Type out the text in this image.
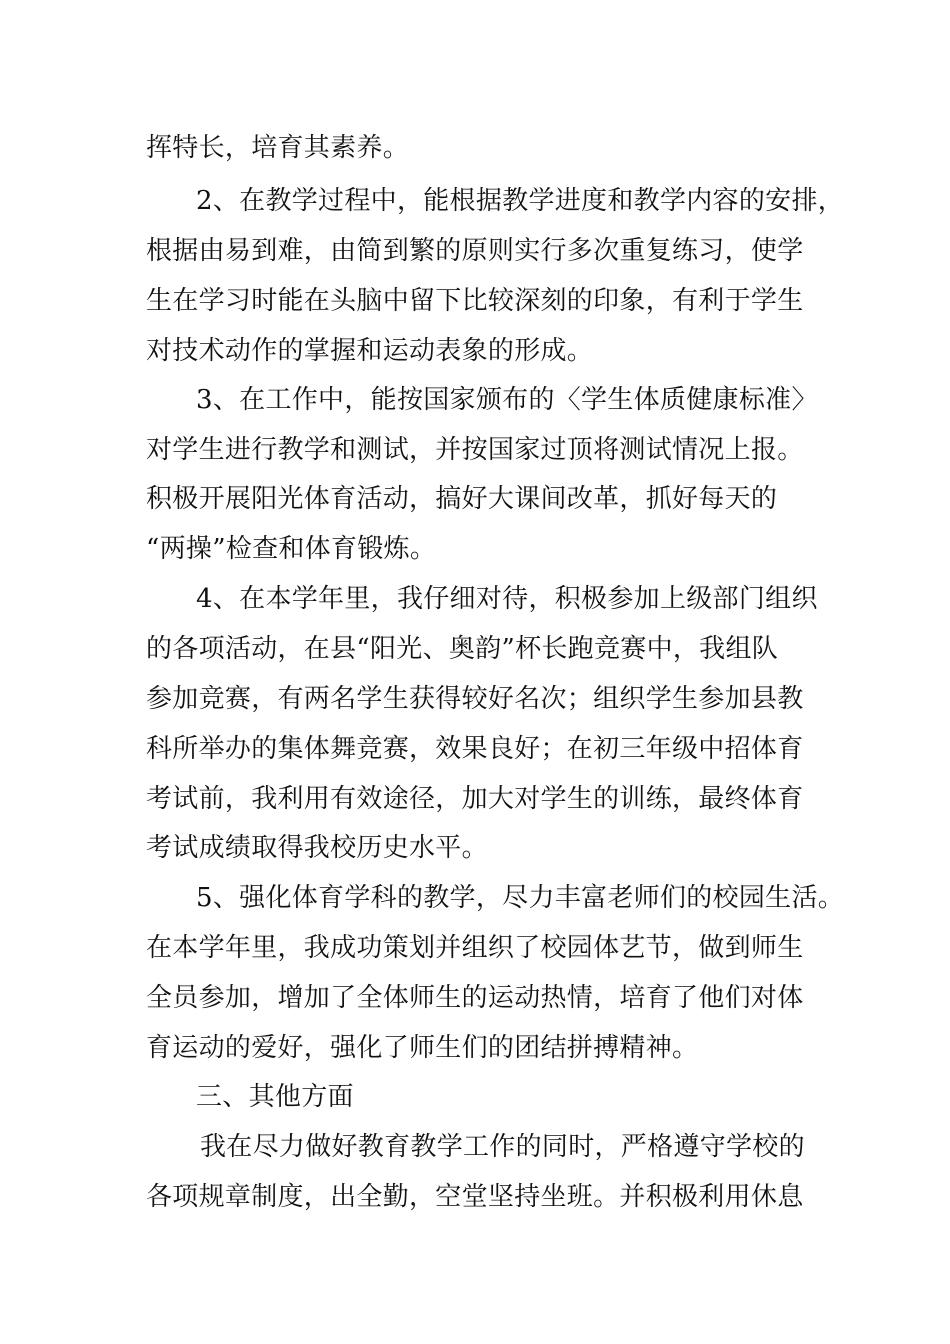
挥特长，培育其素养。

2、在教学过程中，能根据教学进度和教学内容的安排，

根据由易到难，由简到繁的原则实行多次重复练习，使学

生在学习时能在头脑中留下比较深刻的印象，有利于学生

对技术动作的掌握和运动表象的形成。

3、在工作中，能按国家颁布的〈学生体质健康标准〉

对学生进行教学和测试，并按国家过顶将测试情况上报。

积极开展阳光体育活动，搞好大课间改革，抓好每天的

“两操”检查和体育锻炼。

4、在本学年里，我仔细对待，积极参加上级部门组织

的各项活动，在县“阳光、奥韵”杯长跑竞赛中，我组队

参加竞赛，有两名学生获得较好名次；组织学生参加县教

科所举办的集体舞竞赛，效果良好；在初三年级中招体育

考试前，我利用有效途径，加大对学生的训练，最终体育

考试成绩取得我校历史水平。

5、强化体育学科的教学，尽力丰富老师们的校园生活。

在本学年里，我成功策划并组织了校园体艺节，做到师生

全员参加，增加了全体师生的运动热情，培育了他们对体

育运动的爱好，强化了师生们的团结拼搏精神。

三、其他方面

我在尽力做好教育教学工作的同时，严格遵守学校的

各项规章制度，出全勤，空堂坚持坐班。并积极利用休息
